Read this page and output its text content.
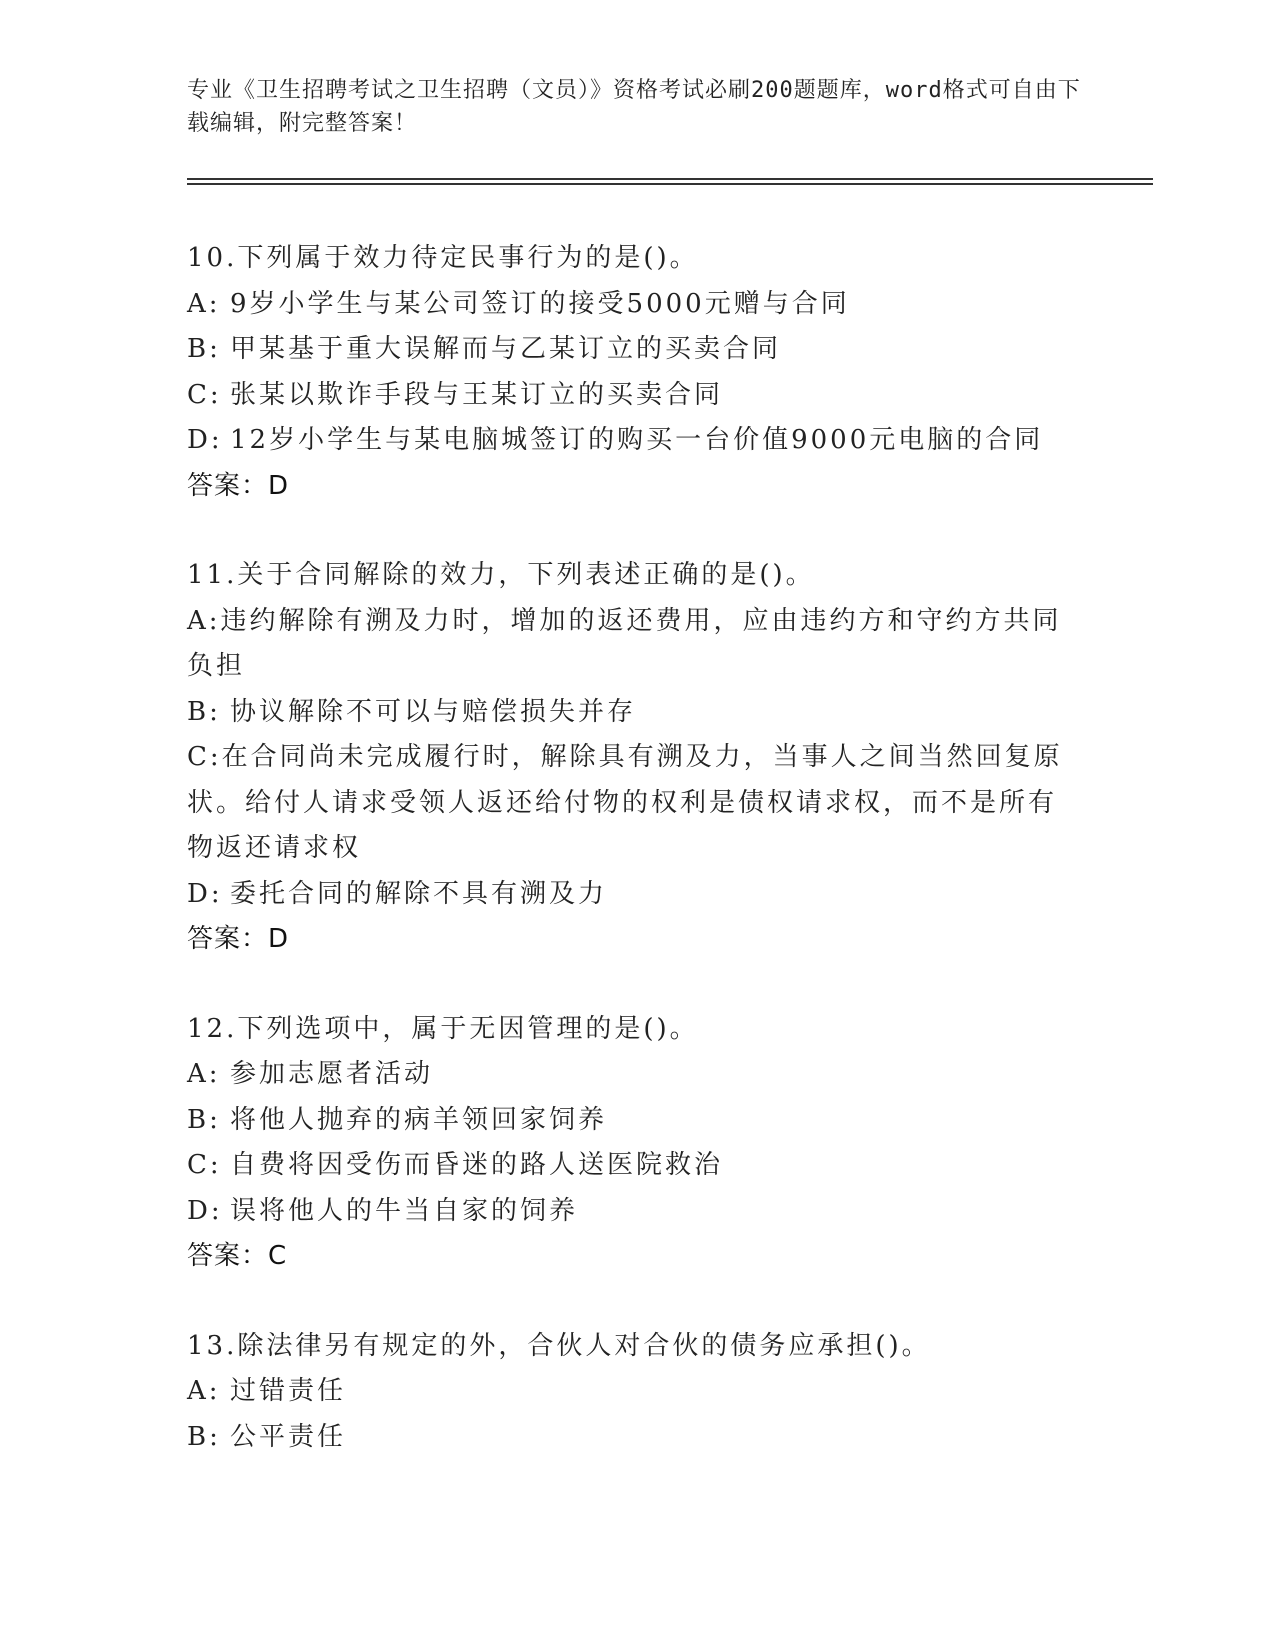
专业《卫生招聘考试之卫生招聘（文员）》资格考试必刷200题题库，word格式可自由下载编辑，附完整答案！
10.下列属于效力待定民事行为的是()。
A: 9岁小学生与某公司签订的接受5000元赠与合同
B: 甲某基于重大误解而与乙某订立的买卖合同
C: 张某以欺诈手段与王某订立的买卖合同
D: 12岁小学生与某电脑城签订的购买一台价值9000元电脑的合同
答案：D
11.关于合同解除的效力，下列表述正确的是()。
A:违约解除有溯及力时，增加的返还费用，应由违约方和守约方共同负担
B: 协议解除不可以与赔偿损失并存
C:在合同尚未完成履行时，解除具有溯及力，当事人之间当然回复原状。给付人请求受领人返还给付物的权利是债权请求权，而不是所有物返还请求权
D: 委托合同的解除不具有溯及力
答案：D
12.下列选项中，属于无因管理的是()。
A: 参加志愿者活动
B: 将他人抛弃的病羊领回家饲养
C: 自费将因受伤而昏迷的路人送医院救治
D: 误将他人的牛当自家的饲养
答案：C
13.除法律另有规定的外，合伙人对合伙的债务应承担()。
A: 过错责任
B: 公平责任
